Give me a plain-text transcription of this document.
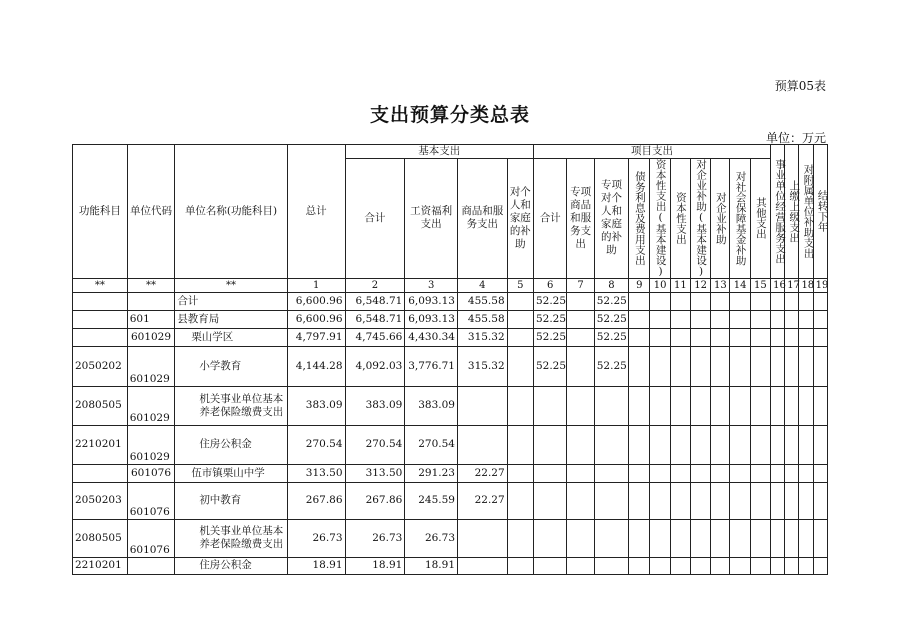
预算05表
支出预算分类总表
单位：万元
功能科目	单位代码	单位名称(功能科目)	总计	基本支出				项目支出										事业单位经营服务支出	上缴上级支出	对附属单位补助支出	结转下年

				合计	工资福利支出	商品和服务支出	对个人和家庭的补助	合计	专项商品和服务支出	专项对个人和家庭的补助	债务利息及费用支出	资本性支出(基本建设)	资本性支出	对企业补助(基本建设)	对企业补助	对社会保障基金补助	其他支出				

**	**	**	1	2	3	4	5	6	7	8	9	10	11	12	13	14	15	16	17	18	19
		合计	6,600.96	6,548.71	6,093.13	455.58		52.25		52.25											
	601	县教育局	6,600.96	6,548.71	6,093.13	455.58		52.25		52.25											
	601029	栗山学区	4,797.91	4,745.66	4,430.34	315.32		52.25		52.25											
2050202	601029	小学教育	4,144.28	4,092.03	3,776.71	315.32		52.25		52.25											
2080505	601029	机关事业单位基本养老保险缴费支出	383.09	383.09	383.09																
2210201	601029	住房公积金	270.54	270.54	270.54																
	601076	伍市镇栗山中学	313.50	313.50	291.23	22.27															
2050203	601076	初中教育	267.86	267.86	245.59	22.27															
2080505	601076	机关事业单位基本养老保险缴费支出	26.73	26.73	26.73																
2210201		住房公积金	18.91	18.91	18.91																
